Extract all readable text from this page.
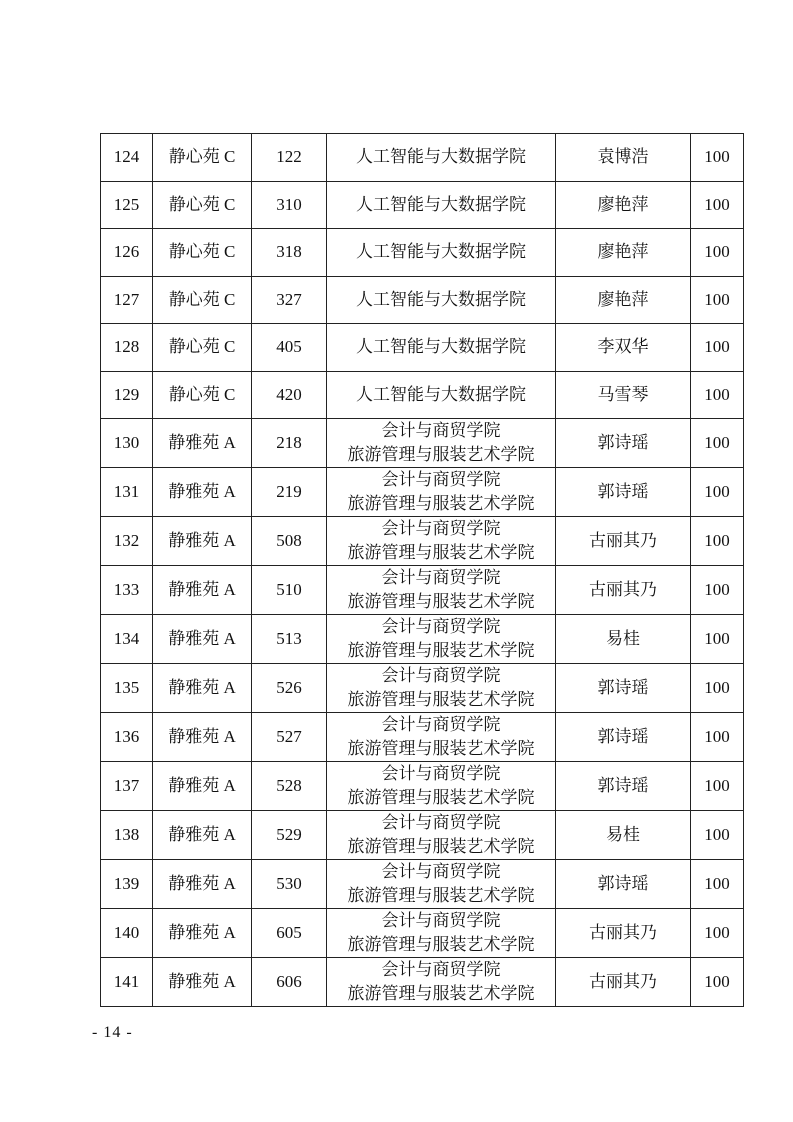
124	静心苑 C	122	人工智能与大数据学院	袁博浩	100
125	静心苑 C	310	人工智能与大数据学院	廖艳萍	100
126	静心苑 C	318	人工智能与大数据学院	廖艳萍	100
127	静心苑 C	327	人工智能与大数据学院	廖艳萍	100
128	静心苑 C	405	人工智能与大数据学院	李双华	100
129	静心苑 C	420	人工智能与大数据学院	马雪琴	100
130	静雅苑 A	218	会计与商贸学院
旅游管理与服装艺术学院	郭诗瑶	100
131	静雅苑 A	219	会计与商贸学院
旅游管理与服装艺术学院	郭诗瑶	100
132	静雅苑 A	508	会计与商贸学院
旅游管理与服装艺术学院	古丽其乃	100
133	静雅苑 A	510	会计与商贸学院
旅游管理与服装艺术学院	古丽其乃	100
134	静雅苑 A	513	会计与商贸学院
旅游管理与服装艺术学院	易桂	100
135	静雅苑 A	526	会计与商贸学院
旅游管理与服装艺术学院	郭诗瑶	100
136	静雅苑 A	527	会计与商贸学院
旅游管理与服装艺术学院	郭诗瑶	100
137	静雅苑 A	528	会计与商贸学院
旅游管理与服装艺术学院	郭诗瑶	100
138	静雅苑 A	529	会计与商贸学院
旅游管理与服装艺术学院	易桂	100
139	静雅苑 A	530	会计与商贸学院
旅游管理与服装艺术学院	郭诗瑶	100
140	静雅苑 A	605	会计与商贸学院
旅游管理与服装艺术学院	古丽其乃	100
141	静雅苑 A	606	会计与商贸学院
旅游管理与服装艺术学院	古丽其乃	100
- 14 -
